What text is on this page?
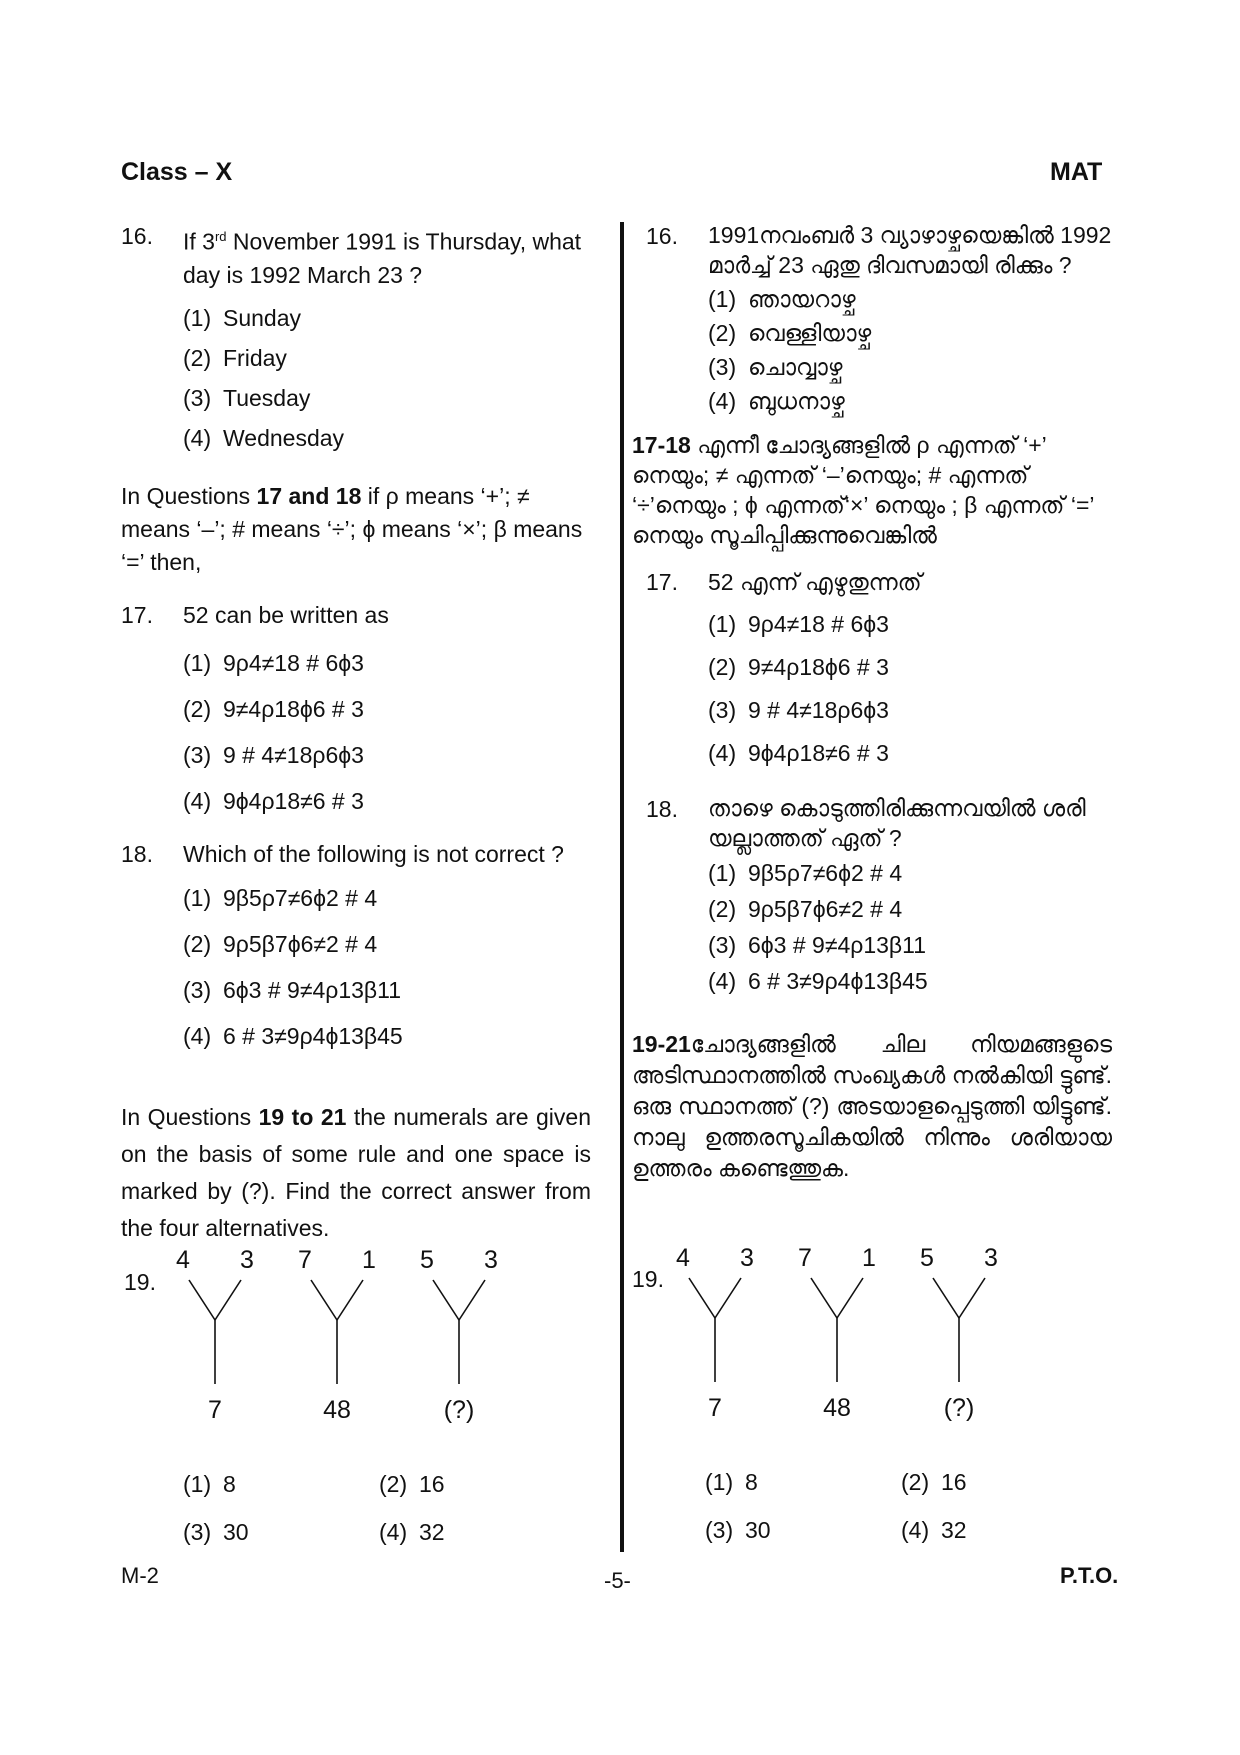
Class – X	MAT
16. If 3rd November 1991 is Thursday, what day is 1992 March 23 ?
(1) Sunday
(2) Friday
(3) Tuesday
(4) Wednesday
In Questions 17 and 18 if ρ means ‘+’; ≠ means ‘–’; # means ‘÷’; ϕ means ‘×’; β means ‘=’ then,
17. 52 can be written as
(1) 9ρ4≠18 # 6ϕ3
(2) 9≠4ρ18ϕ6 # 3
(3) 9 # 4≠18ρ6ϕ3
(4) 9ϕ4ρ18≠6 # 3
18. Which of the following is not correct ?
(1) 9β5ρ7≠6ϕ2 # 4
(2) 9ρ5β7ϕ6≠2 # 4
(3) 6ϕ3 # 9≠4ρ13β11
(4) 6 # 3≠9ρ4ϕ13β45
In Questions 19 to 21 the numerals are given on the basis of some rule and one space is marked by (?). Find the correct answer from the four alternatives.
19.
4 3
7
7 1
48
5 3
(?)
(1) 8	(2) 16
(3) 30	(4) 32
16. 1991നവംബർ 3 വ്യാഴാഴ്ചയെങ്കിൽ 1992 മാർച്ച് 23 ഏതു ദിവസമായി രിക്കും ?
(1) ഞായറാഴ്ച
(2) വെള്ളിയാഴ്ച
(3) ചൊവ്വാഴ്ച
(4) ബുധനാഴ്ച
17-18 എന്നീ ചോദ്യങ്ങളിൽ ρ എന്നത് ‘+’ നെയും; ≠ എന്നത് ‘–’നെയും; # എന്നത് ‘÷’നെയും ; ϕ എന്നത്‘×’ നെയും ; β എന്നത് ‘=’ നെയും സൂചിപ്പിക്കുന്നുവെങ്കിൽ
17. 52 എന്ന് എഴുതുന്നത്
(1) 9ρ4≠18 # 6ϕ3
(2) 9≠4ρ18ϕ6 # 3
(3) 9 # 4≠18ρ6ϕ3
(4) 9ϕ4ρ18≠6 # 3
18. താഴെ കൊടുത്തിരിക്കുന്നവയിൽ ശരി യല്ലാത്തത് ഏത് ?
(1) 9β5ρ7≠6ϕ2 # 4
(2) 9ρ5β7ϕ6≠2 # 4
(3) 6ϕ3 # 9≠4ρ13β11
(4) 6 # 3≠9ρ4ϕ13β45
19-21ചോദ്യങ്ങളിൽ ചില നിയമങ്ങളുടെ അടിസ്ഥാനത്തിൽ സംഖ്യകൾ നൽകിയി ട്ടുണ്ട്. ഒരു സ്ഥാനത്ത് (?) അടയാളപ്പെടുത്തി യിട്ടുണ്ട്. നാലു ഉത്തരസൂചികയിൽ നിന്നും ശരിയായ ഉത്തരം കണ്ടെത്തുക.
19.
4 3
7
7 1
48
5 3
(?)
(1) 8	(2) 16
(3) 30	(4) 32
M-2	-5-	P.T.O.
